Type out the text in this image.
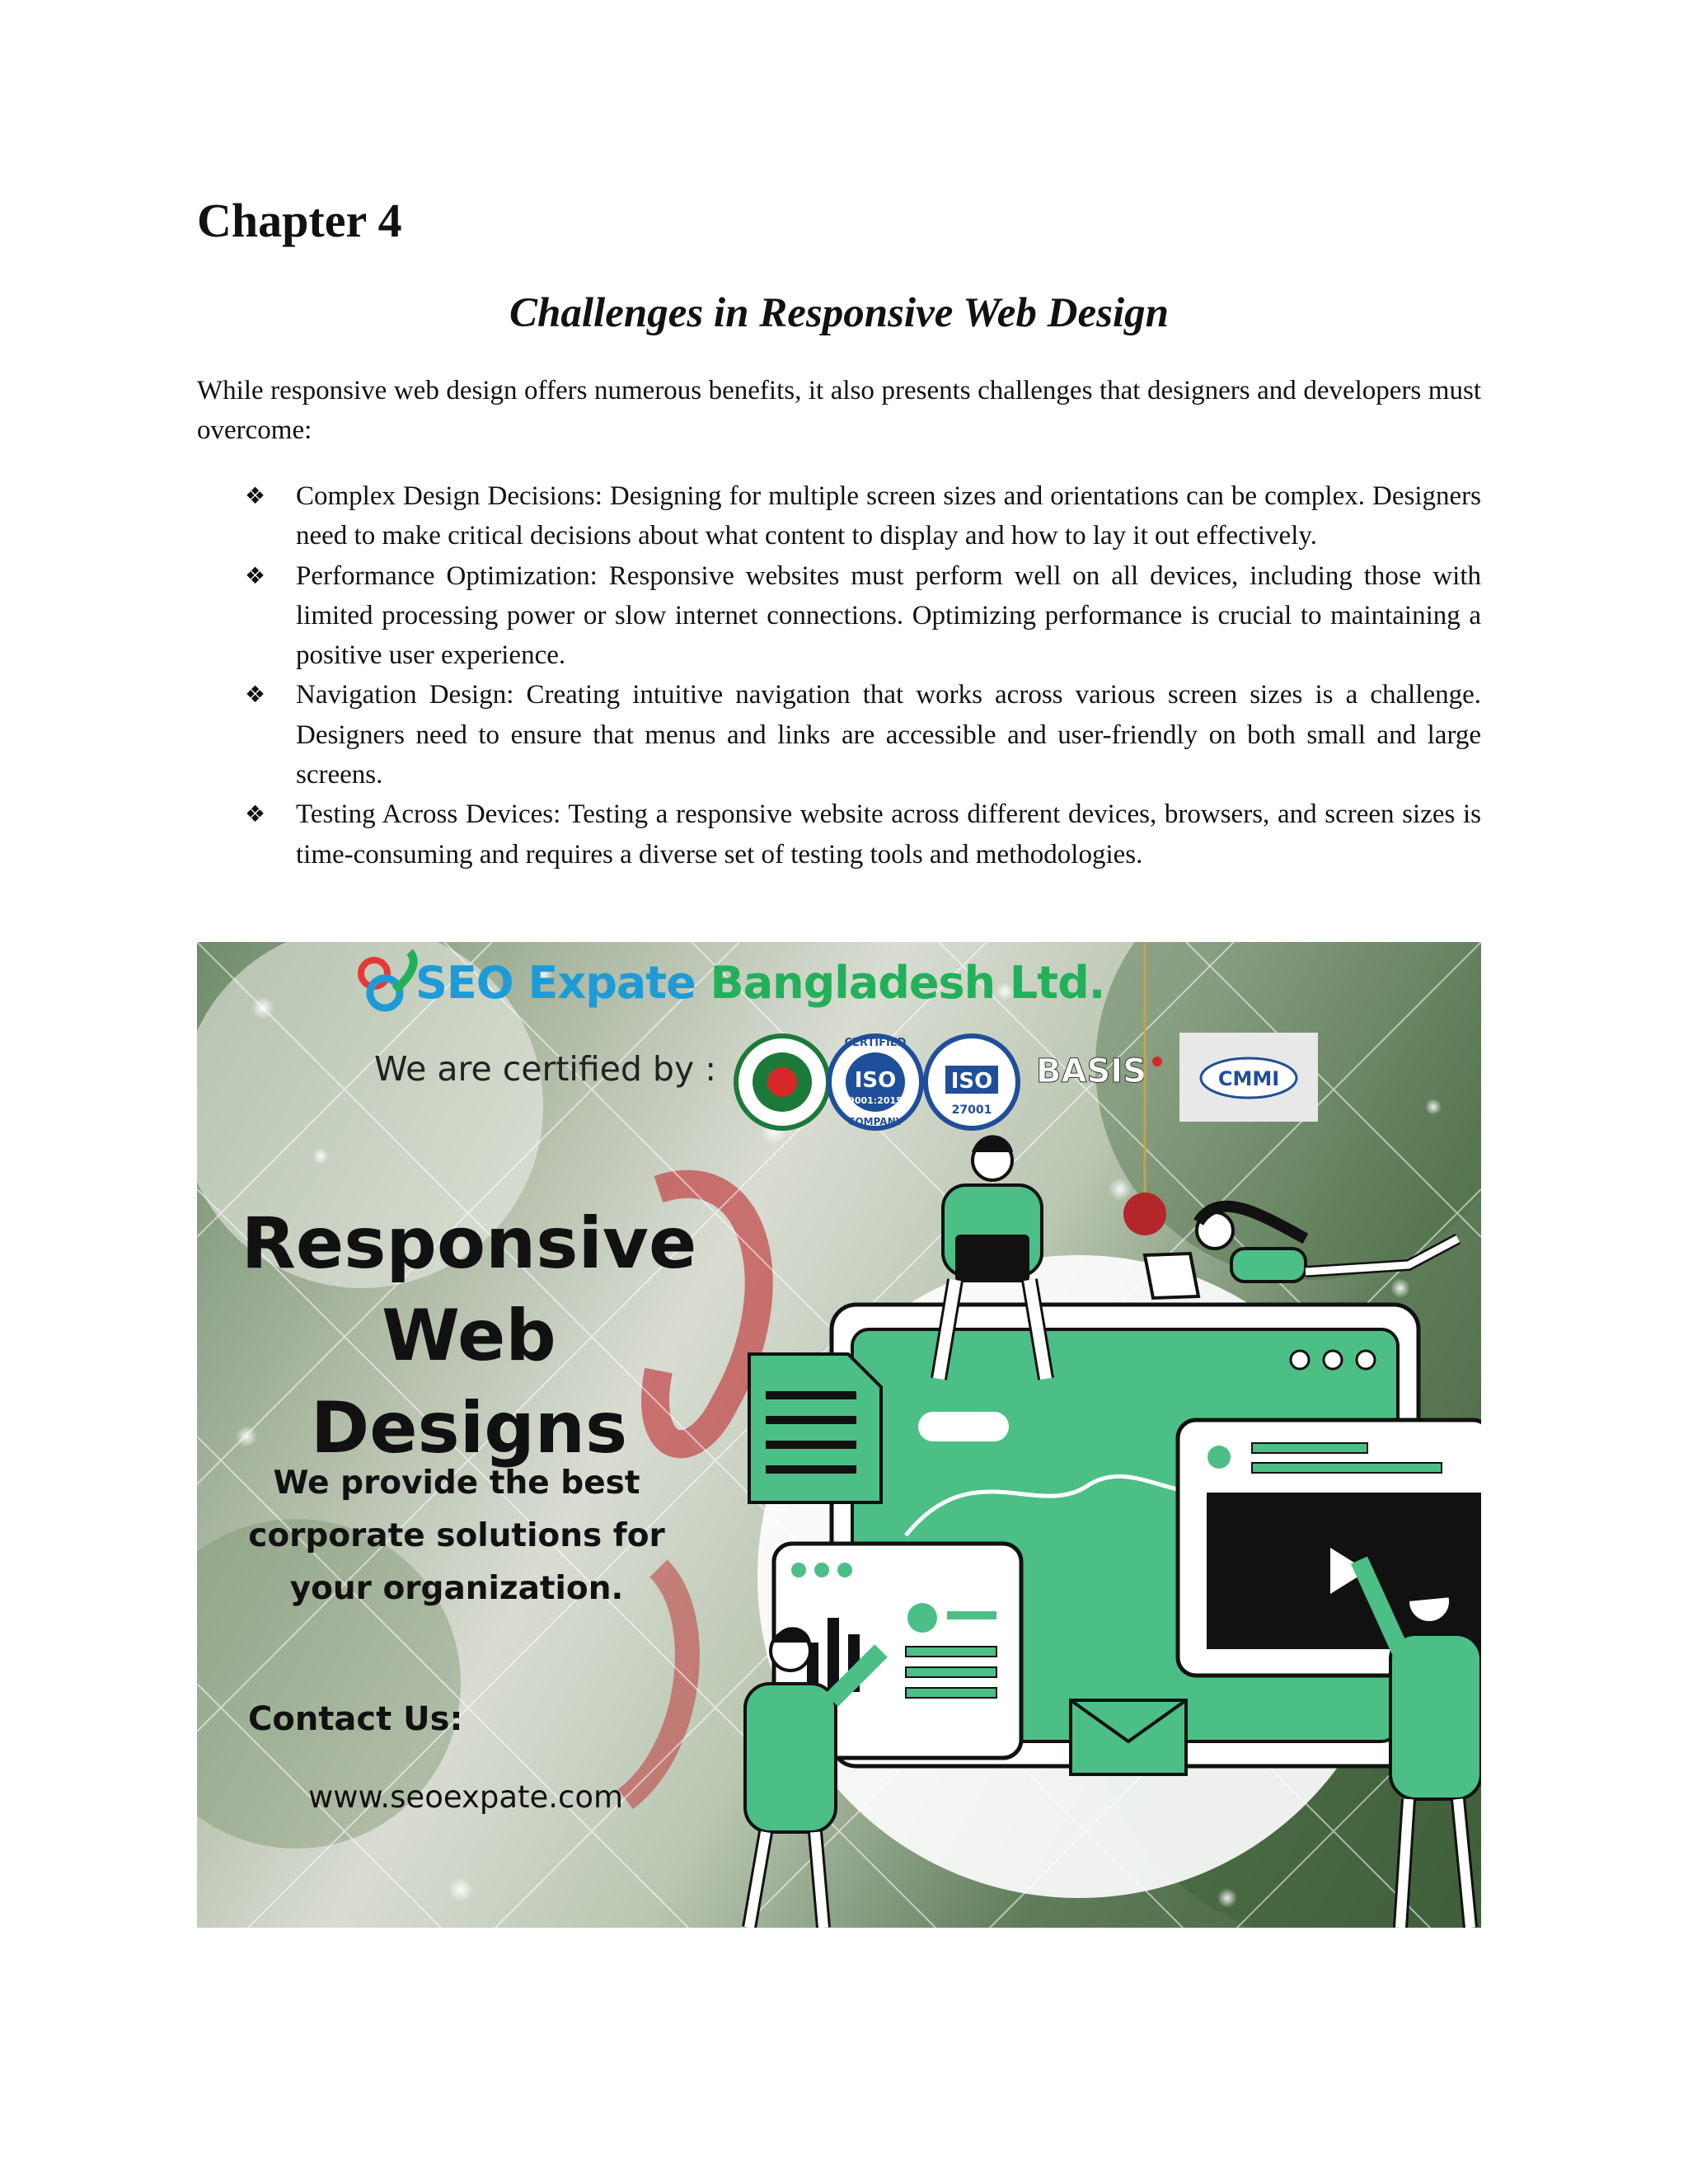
Chapter 4
Challenges in Responsive Web Design

While responsive web design offers numerous benefits, it also presents challenges that designers and developers must overcome:

❖ Complex Design Decisions: Designing for multiple screen sizes and orientations can be complex. Designers need to make critical decisions about what content to display and how to lay it out effectively.
❖ Performance Optimization: Responsive websites must perform well on all devices, including those with limited processing power or slow internet connections. Optimizing performance is crucial to maintaining a positive user experience.
❖ Navigation Design: Creating intuitive navigation that works across various screen sizes is a challenge. Designers need to ensure that menus and links are accessible and user-friendly on both small and large screens.
❖ Testing Across Devices: Testing a responsive website across different devices, browsers, and screen sizes is time-consuming and requires a diverse set of testing tools and methodologies.
CERTIFIED
ISO
9001:2015
COMPANY
ISO
27001
BASIS	CMMI
SEO Expate Bangladesh Ltd.
We are certified by :
Responsive
Web Designs
We provide the best
corporate solutions for
your organization.
Contact Us:
www.seoexpate.com
